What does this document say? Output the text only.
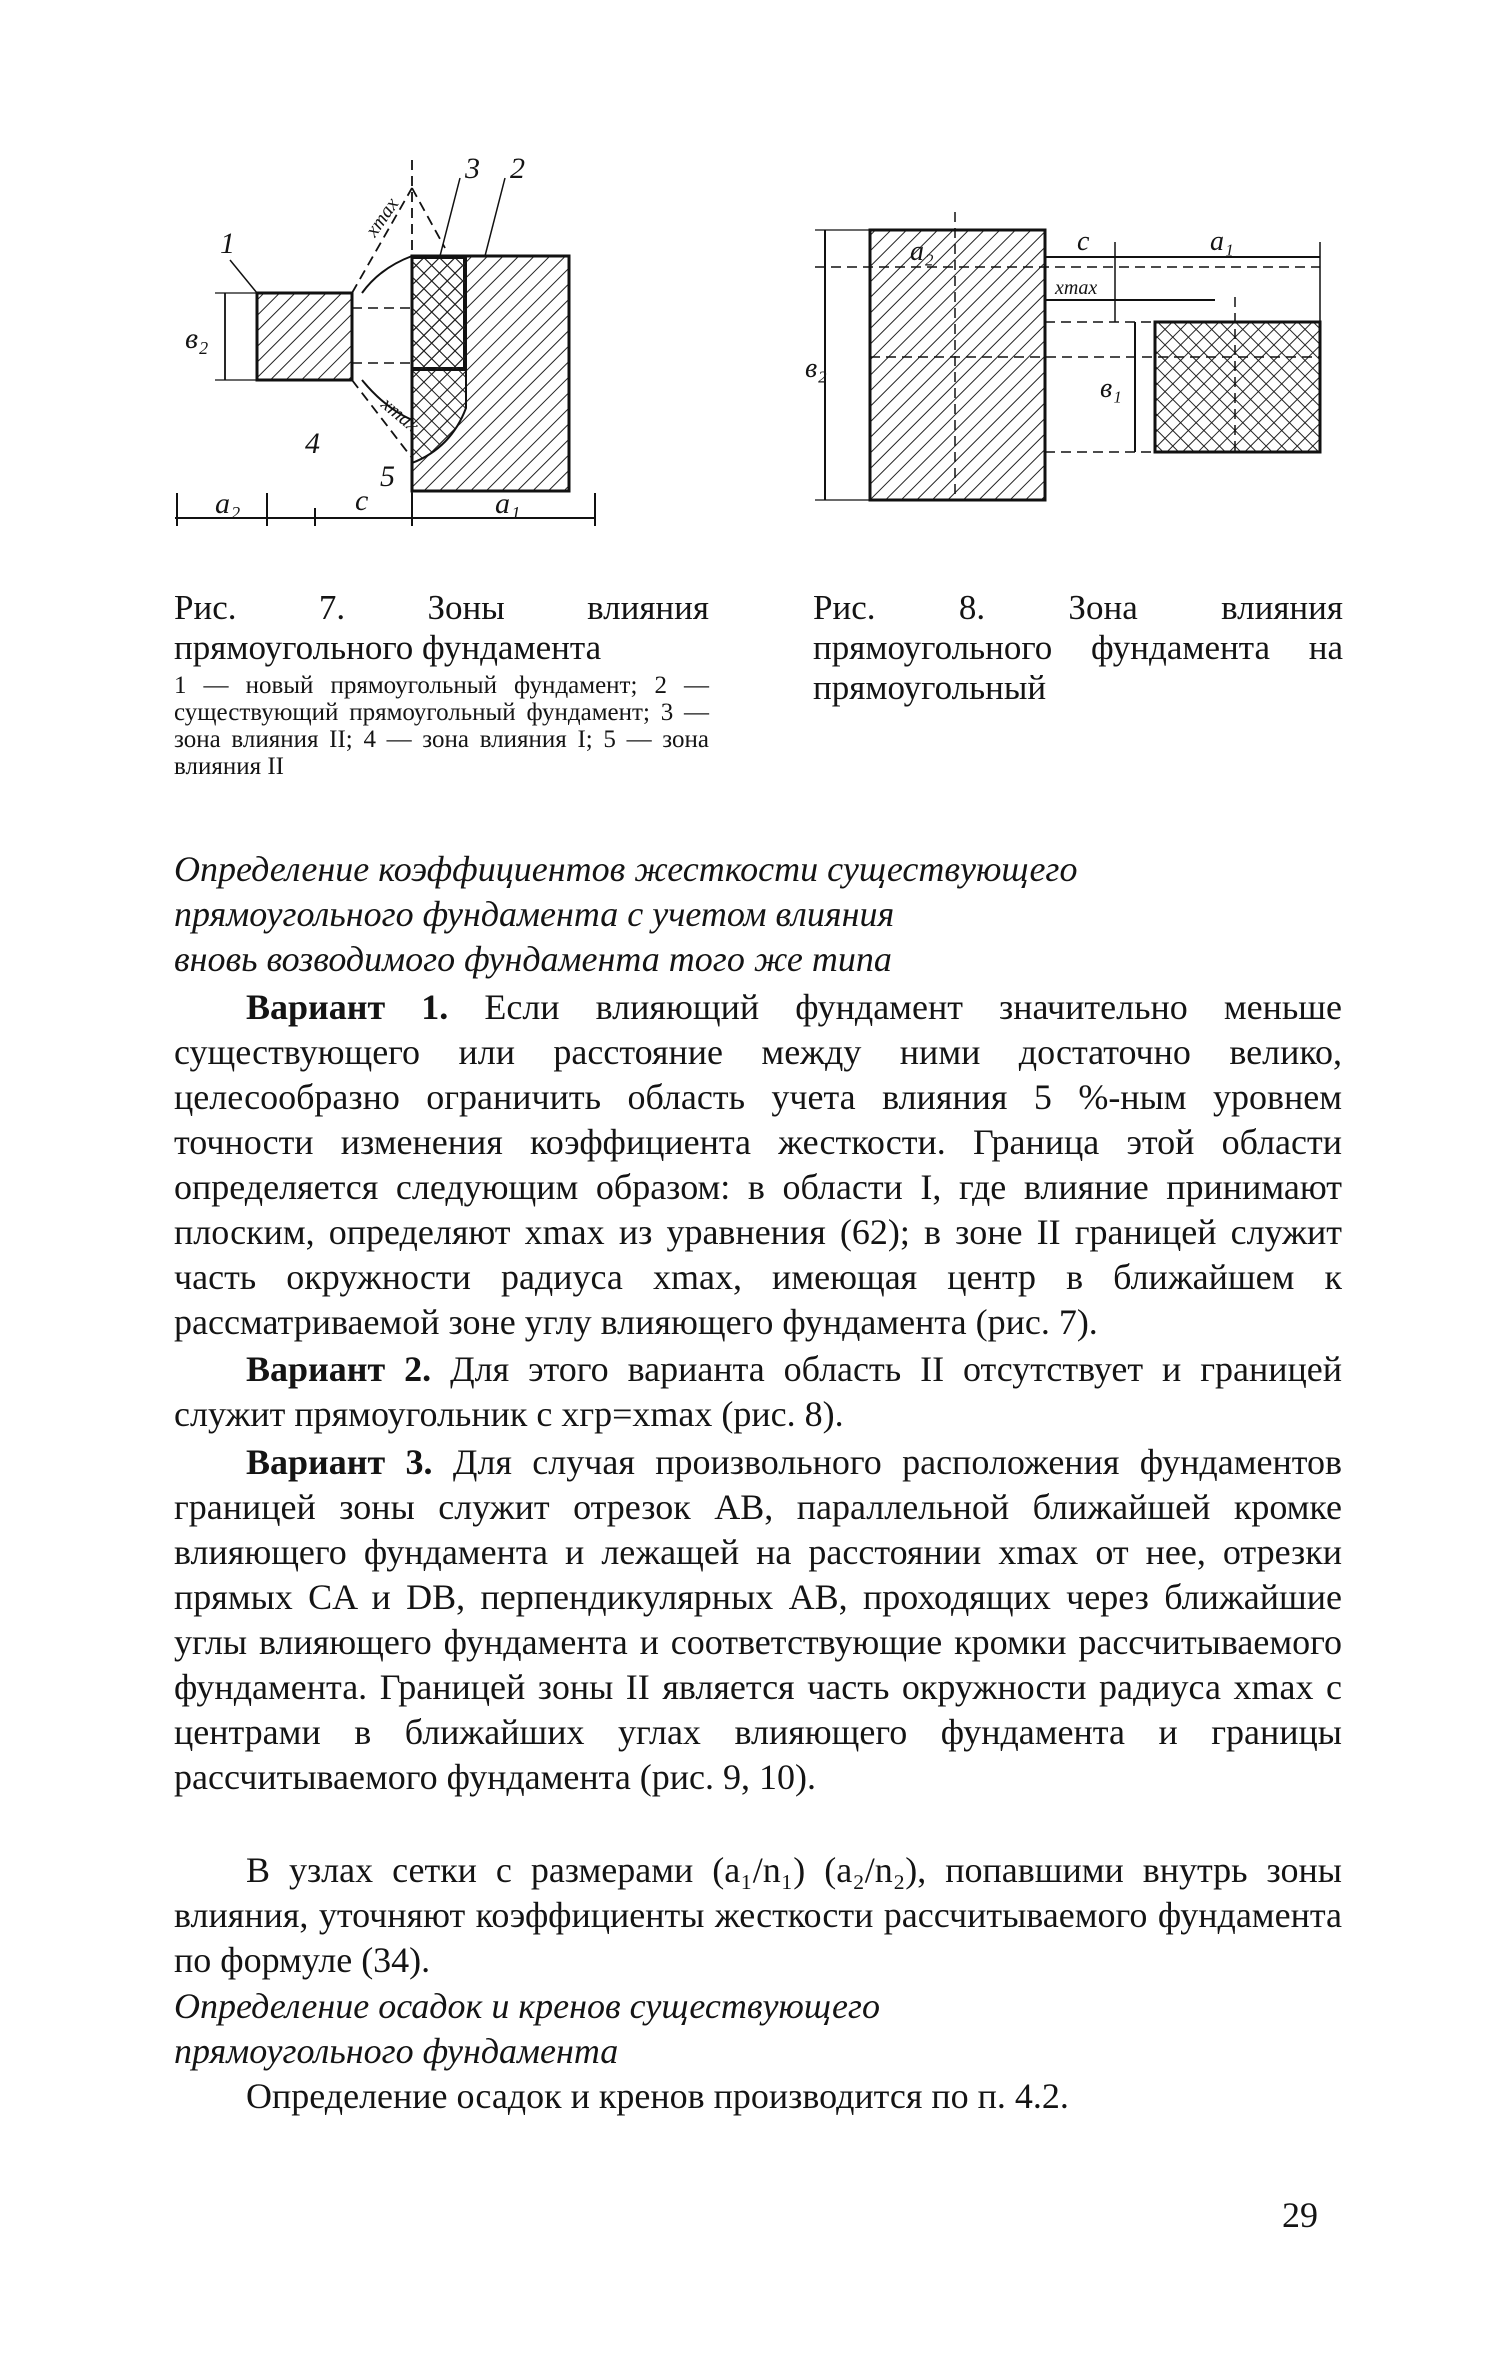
1
2
3
4
5
в₂
a₂	c	a₁
xmax
xmax
Рис. 7. Зоны влияния прямоугольного фундамента
1 — новый прямоугольный фундамент; 2 — существующий прямоугольный фундамент; 3 — зона влияния II; 4 — зона влияния I; 5 — зона влияния II
a₂	c	a₁
xmax
в₂
в₁
Рис. 8. Зона влияния прямоугольного фундамента на прямоугольный
Определение коэффициентов жесткости существующего
прямоугольного фундамента с учетом влияния
вновь возводимого фундамента того же типа

Вариант 1. Если влияющий фундамент значительно меньше существующего или расстояние между ними достаточно велико, целесообразно ограничить область учета влияния 5 %-ным уровнем точности изменения коэффициента жесткости. Граница этой области определяется следующим образом: в области I, где влияние принимают плоским, определяют xmax из уравнения (62); в зоне II границей служит часть окружности радиуса xmax, имеющая центр в ближайшем к рассматриваемой зоне углу влияющего фундамента (рис. 7).

Вариант 2. Для этого варианта область II отсутствует и границей служит прямоугольник с xгр=xmax (рис. 8).

Вариант 3. Для случая произвольного расположения фундаментов границей зоны служит отрезок AB, параллельной ближайшей кромке влияющего фундамента и лежащей на расстоянии xmax от нее, отрезки прямых CA и DB, перпендикулярных AB, проходящих через ближайшие углы влияющего фундамента и соответствующие кромки рассчитываемого фундамента. Границей зоны II является часть окружности радиуса xmax с центрами в ближайших углах влияющего фундамента и границы рассчитываемого фундамента (рис. 9, 10).

В узлах сетки с размерами (a₁/n₁) (a₂/n₂), попавшими внутрь зоны влияния, уточняют коэффициенты жесткости рассчитываемого фундамента по формуле (34).

Определение осадок и кренов существующего
прямоугольного фундамента

Определение осадок и кренов производится по п. 4.2.

29
